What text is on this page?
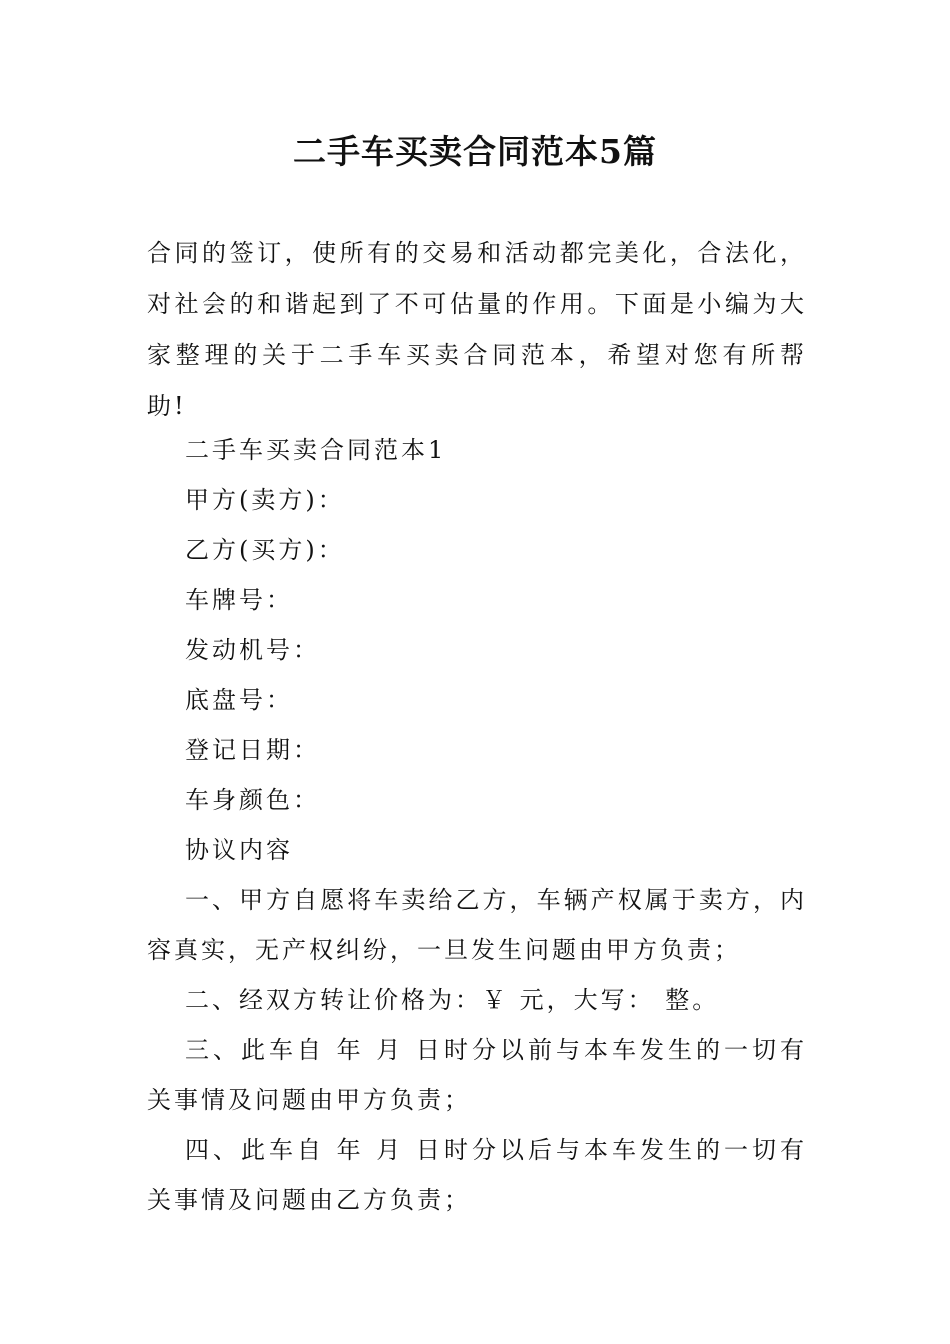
二手车买卖合同范本5篇
合同的签订，使所有的交易和活动都完美化，合法化，对社会的和谐起到了不可估量的作用。下面是小编为大家整理的关于二手车买卖合同范本，希望对您有所帮助!
二手车买卖合同范本1
甲方(卖方)：
乙方(买方)：
车牌号：
发动机号：
底盘号：
登记日期：
车身颜色：
协议内容
一、甲方自愿将车卖给乙方，车辆产权属于卖方，内容真实，无产权纠纷，一旦发生问题由甲方负责；
二、经双方转让价格为：￥ 元，大写： 整。
三、此车自 年 月 日时分以前与本车发生的一切有关事情及问题由甲方负责；
四、此车自 年 月 日时分以后与本车发生的一切有关事情及问题由乙方负责；
